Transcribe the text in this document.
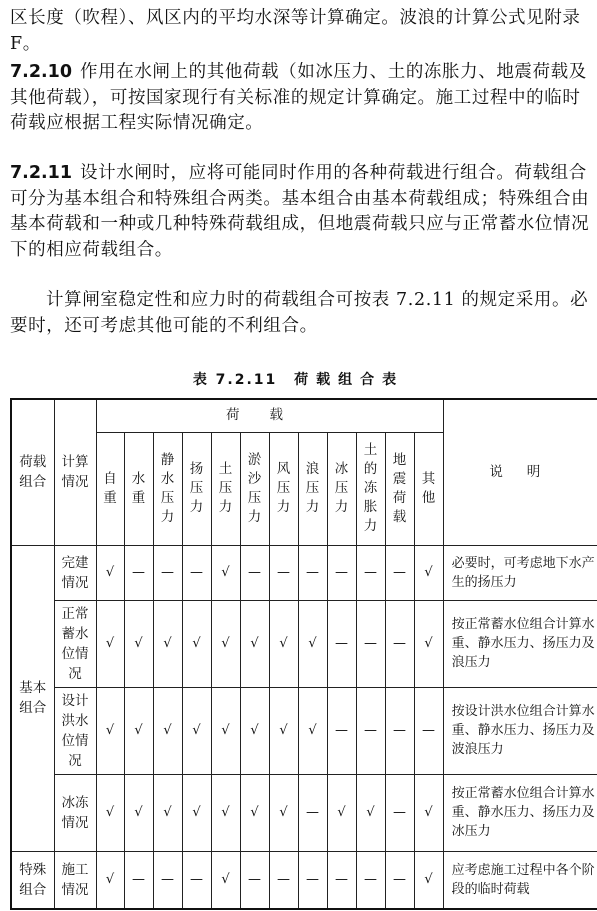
区长度（吹程）、风区内的平均水深等计算确定。波浪的计算公式见附录 F。

7.2.10 作用在水闸上的其他荷载（如冰压力、土的冻胀力、地震荷载及其他荷载），可按国家现行有关标准的规定计算确定。施工过程中的临时荷载应根据工程实际情况确定。

7.2.11 设计水闸时，应将可能同时作用的各种荷载进行组合。荷载组合可分为基本组合和特殊组合两类。基本组合由基本荷载组成；特殊组合由基本荷载和一种或几种特殊荷载组成，但地震荷载只应与正常蓄水位情况下的相应荷载组合。

计算闸室稳定性和应力时的荷载组合可按表 7.2.11 的规定采用。必要时，还可考虑其他可能的不利组合。

表 7.2.11 荷载组合表
荷载组合	计算情况	荷载												说明
		自重	水重	静水压力	扬压力	土压力	淤沙压力	风压力	浪压力	冰压力	土的冻胀力	地震荷载	其他	
基本组合	完建情况	√	—	—	—	√	—	—	—	—	—	—	√	必要时，可考虑地下水产生的扬压力
	正常蓄水位情况	√	√	√	√	√	√	√	√	—	—	—	√	按正常蓄水位组合计算水重、静水压力、扬压力及浪压力
	设计洪水位情况	√	√	√	√	√	√	√	√	—	—	—	—	按设计洪水位组合计算水重、静水压力、扬压力及波浪压力
	冰冻情况	√	√	√	√	√	√	√	—	√	√	—	√	按正常蓄水位组合计算水重、静水压力、扬压力及冰压力
特殊组合	施工情况	√	—	—	—	√	—	—	—	—	—	—	√	应考虑施工过程中各个阶段的临时荷载
